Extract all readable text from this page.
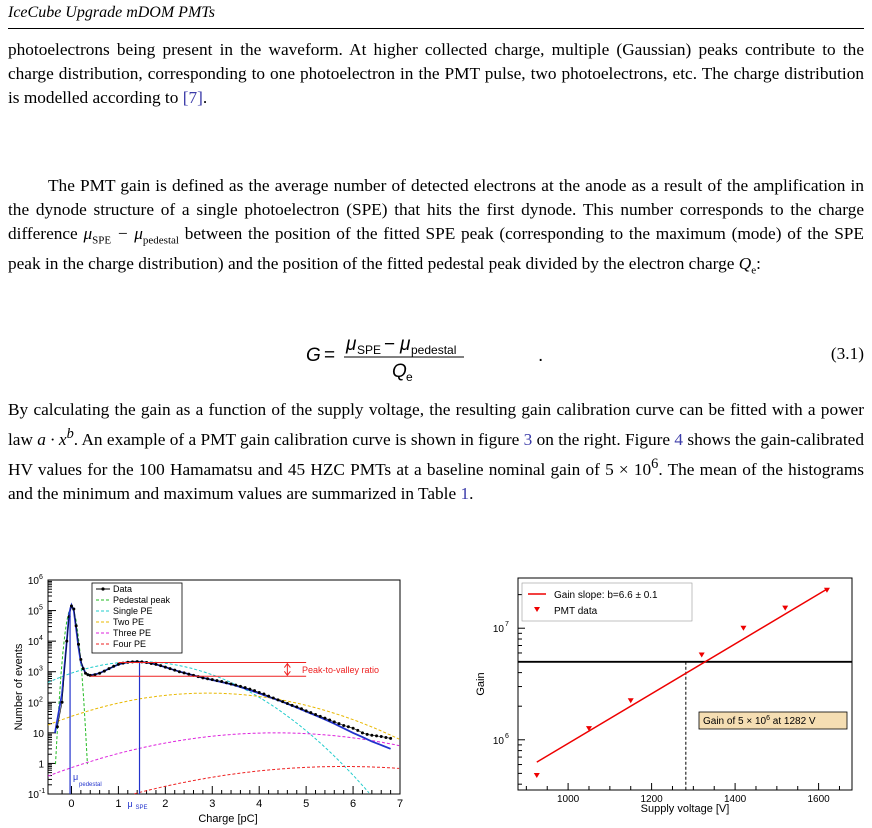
IceCube Upgrade mDOM PMTs

photoelectrons being present in the waveform. At higher collected charge, multiple (Gaussian) peaks contribute to the charge distribution, corresponding to one photoelectron in the PMT pulse, two photoelectrons, etc. The charge distribution is modelled according to [7].

The PMT gain is defined as the average number of detected electrons at the anode as a result of the amplification in the dynode structure of a single photoelectron (SPE) that hits the first dynode. This number corresponds to the charge difference $\mu_{SPE} - \mu_{pedestal}$ between the position of the fitted SPE peak (corresponding to the maximum (mode) of the SPE peak in the charge distribution) and the position of the fitted pedestal peak divided by the electron charge $Q_e$:

G =
μ SPE − μ pedestal
Q e
.	(3.1)

By calculating the gain as a function of the supply voltage, the resulting gain calibration curve can be fitted with a power law $a \cdot x^b$. An example of a PMT gain calibration curve is shown in figure 3 on the right. Figure 4 shows the gain-calibrated HV values for the 100 Hamamatsu and 45 HZC PMTs at a baseline nominal gain of $5 \times 10^6$. The mean of the histograms and the minimum and maximum values are summarized in Table 1.

0	1	2	3	4	5	6	7
10 -1
1
10
10 2
10 3
10 4
10 5
10 6
μ
pedestal
μ SPE
Data
Pedestal peak
Single PE
Two PE
Three PE
Four PE
Charge [pC]
Number of events	Peak-to-valley ratio
1000	1200	1400	1600
10 6
10 7
Gain of $5 \times 10^6$ at 1282 V
Gain slope: b=6.6 ± 0.1
PMT data
Supply voltage [V]
Gain
